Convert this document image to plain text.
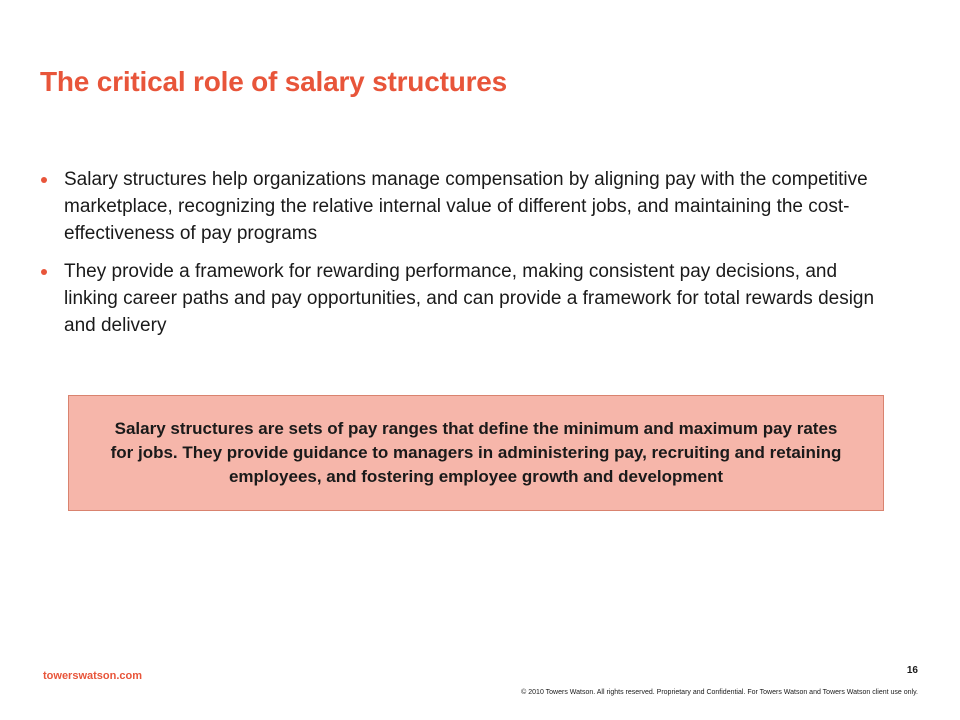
The critical role of salary structures
Salary structures help organizations manage compensation by aligning pay with the competitive marketplace, recognizing the relative internal value of different jobs, and maintaining the cost-effectiveness of pay programs
They provide a framework for rewarding performance, making consistent pay decisions, and linking career paths and pay opportunities, and can provide a framework for total rewards design and delivery
Salary structures are sets of pay ranges that define the minimum and maximum pay rates for jobs. They provide guidance to managers in administering pay, recruiting and retaining employees, and fostering employee growth and development
towerswatson.com	16
© 2010 Towers Watson. All rights reserved. Proprietary and Confidential. For Towers Watson and Towers Watson client use only.
